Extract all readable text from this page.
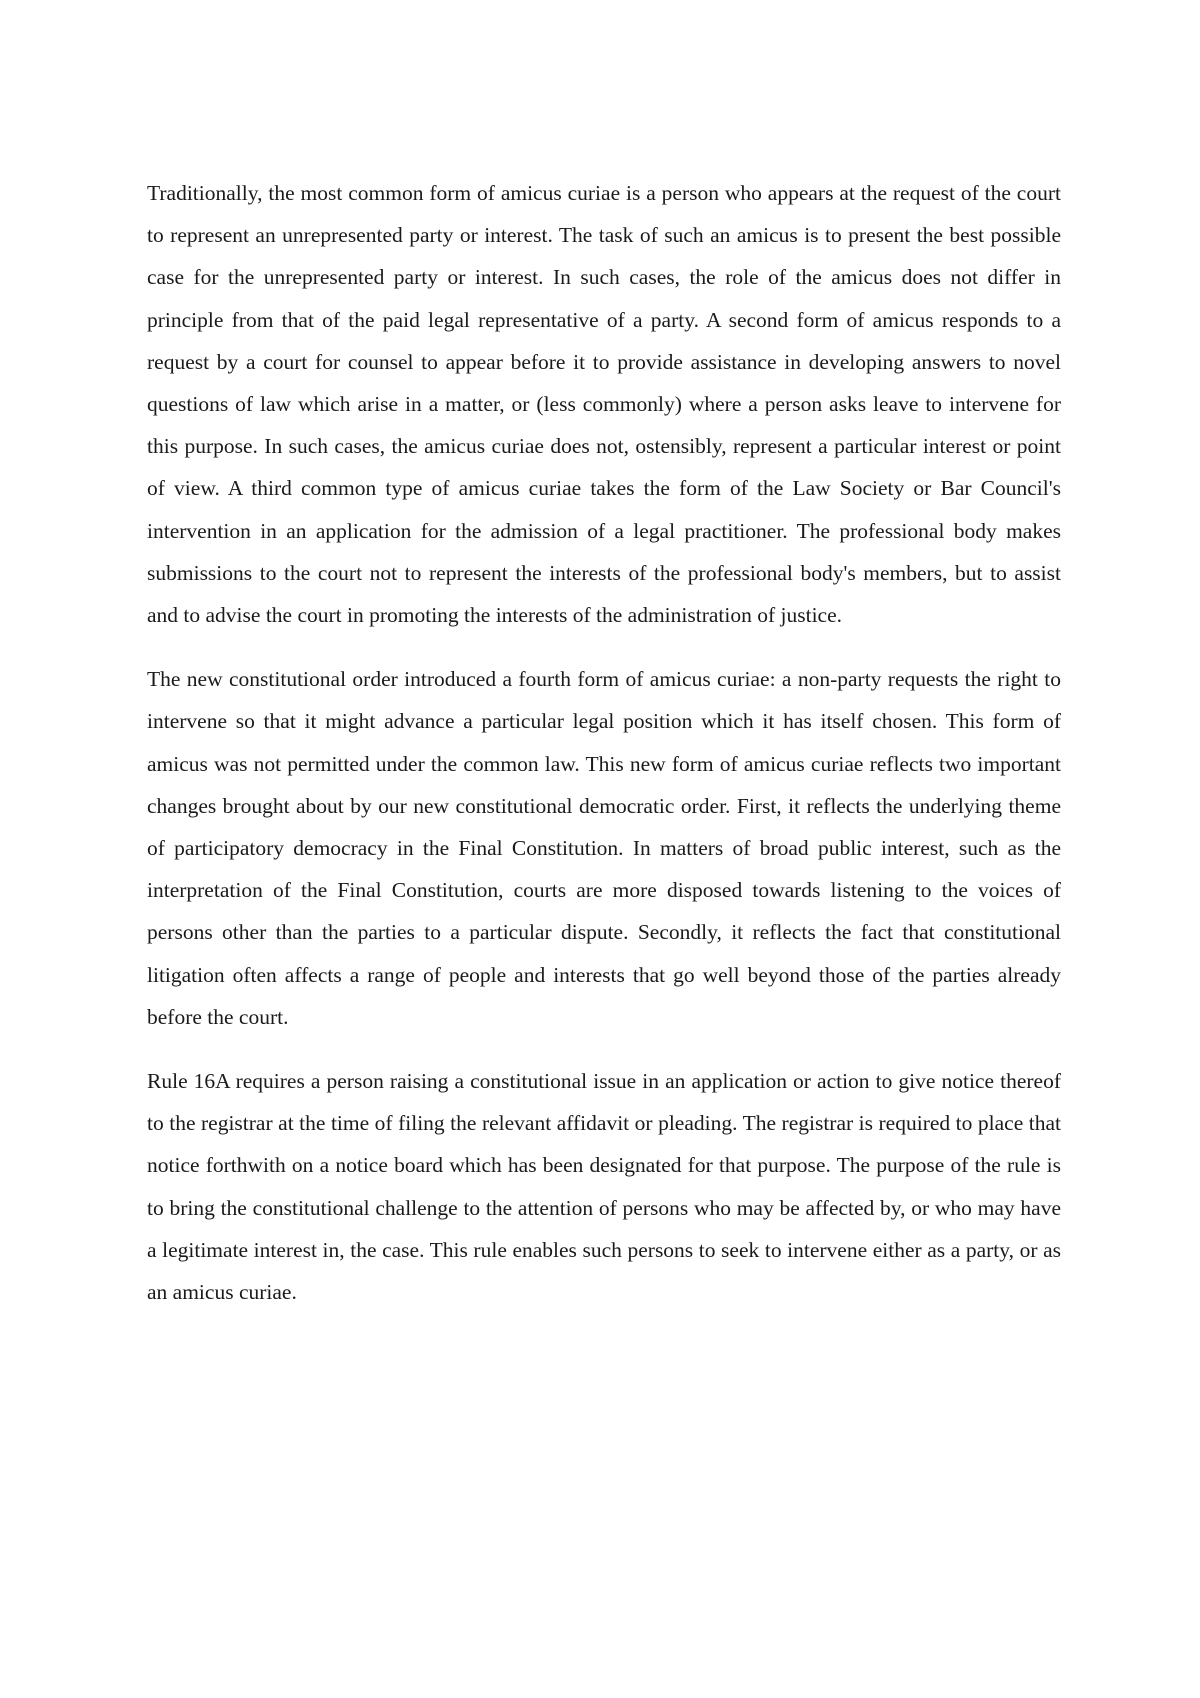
Traditionally, the most common form of amicus curiae is a person who appears at the request of the court to represent an unrepresented party or interest. The task of such an amicus is to present the best possible case for the unrepresented party or interest. In such cases, the role of the amicus does not differ in principle from that of the paid legal representative of a party. A second form of amicus responds to a request by a court for counsel to appear before it to provide assistance in developing answers to novel questions of law which arise in a matter, or (less commonly) where a person asks leave to intervene for this purpose. In such cases, the amicus curiae does not, ostensibly, represent a particular interest or point of view. A third common type of amicus curiae takes the form of the Law Society or Bar Council's intervention in an application for the admission of a legal practitioner. The professional body makes submissions to the court not to represent the interests of the professional body's members, but to assist and to advise the court in promoting the interests of the administration of justice.

The new constitutional order introduced a fourth form of amicus curiae: a non-party requests the right to intervene so that it might advance a particular legal position which it has itself chosen. This form of amicus was not permitted under the common law. This new form of amicus curiae reflects two important changes brought about by our new constitutional democratic order. First, it reflects the underlying theme of participatory democracy in the Final Constitution. In matters of broad public interest, such as the interpretation of the Final Constitution, courts are more disposed towards listening to the voices of persons other than the parties to a particular dispute. Secondly, it reflects the fact that constitutional litigation often affects a range of people and interests that go well beyond those of the parties already before the court.

Rule 16A requires a person raising a constitutional issue in an application or action to give notice thereof to the registrar at the time of filing the relevant affidavit or pleading. The registrar is required to place that notice forthwith on a notice board which has been designated for that purpose. The purpose of the rule is to bring the constitutional challenge to the attention of persons who may be affected by, or who may have a legitimate interest in, the case. This rule enables such persons to seek to intervene either as a party, or as an amicus curiae.
